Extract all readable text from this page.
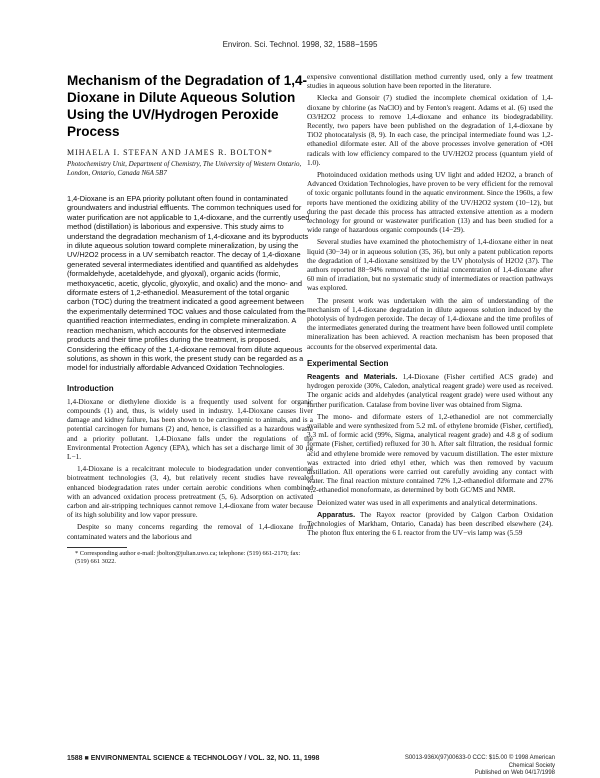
Environ. Sci. Technol. 1998, 32, 1588−1595
Mechanism of the Degradation of 1,4-Dioxane in Dilute Aqueous Solution Using the UV/Hydrogen Peroxide Process

MIHAELA I. STEFAN AND JAMES R. BOLTON*

Photochemistry Unit, Department of Chemistry, The University of Western Ontario, London, Ontario, Canada N6A 5B7

1,4-Dioxane is an EPA priority pollutant often found in contaminated groundwaters and industrial effluents. The common techniques used for water purification are not applicable to 1,4-dioxane, and the currently used method (distillation) is laborious and expensive. This study aims to understand the degradation mechanism of 1,4-dioxane and its byproducts in dilute aqueous solution toward complete mineralization, by using the UV/H2O2 process in a UV semibatch reactor. The decay of 1,4-dioxane generated several intermediates identified and quantified as aldehydes (formaldehyde, acetaldehyde, and glyoxal), organic acids (formic, methoxyacetic, acetic, glycolic, glyoxylic, and oxalic) and the mono- and diformate esters of 1,2-ethanediol. Measurement of the total organic carbon (TOC) during the treatment indicated a good agreement between the experimentally determined TOC values and those calculated from the quantified reaction intermediates, ending in complete mineralization. A reaction mechanism, which accounts for the observed intermediate products and their time profiles during the treatment, is proposed. Considering the efficacy of the 1,4-dioxane removal from dilute aqueous solutions, as shown in this work, the present study can be regarded as a model for industrially affordable Advanced Oxidation Technologies.

Introduction

1,4-Dioxane or diethylene dioxide is a frequently used solvent for organic compounds (1) and, thus, is widely used in industry. 1,4-Dioxane causes liver damage and kidney failure, has been shown to be carcinogenic to animals, and is a potential carcinogen for humans (2) and, hence, is classified as a hazardous waste and a priority pollutant. 1,4-Dioxane falls under the regulations of the Environmental Protection Agency (EPA), which has set a discharge limit of 30 μg L−1.

1,4-Dioxane is a recalcitrant molecule to biodegradation under conventional biotreatment technologies (3, 4), but relatively recent studies have revealed enhanced biodegradation rates under certain aerobic conditions when combined with an advanced oxidation process pretreatment (5, 6). Adsorption on activated carbon and air-stripping techniques cannot remove 1,4-dioxane from water because of its high solubility and low vapor pressure.

Despite so many concerns regarding the removal of 1,4-dioxane from contaminated waters and the laborious and

* Corresponding author e-mail: jbolton@julian.uwo.ca; telephone: (519) 661-2170; fax: (519) 661 3022.

expensive conventional distillation method currently used, only a few treatment studies in aqueous solution have been reported in the literature.

Klecka and Gonsoir (7) studied the incomplete chemical oxidation of 1,4-dioxane by chlorine (as NaClO) and by Fenton's reagent. Adams et al. (6) used the O3/H2O2 process to remove 1,4-dioxane and enhance its biodegradability. Recently, two papers have been published on the degradation of 1,4-dioxane by TiO2 photocatalysis (8, 9). In each case, the principal intermediate found was 1,2-ethanediol diformate ester. All of the above processes involve generation of •OH radicals with low efficiency compared to the UV/H2O2 process (quantum yield of 1.0).

Photoinduced oxidation methods using UV light and added H2O2, a branch of Advanced Oxidation Technologies, have proven to be very efficient for the removal of toxic organic pollutants found in the aquatic environment. Since the 1960s, a few reports have mentioned the oxidizing ability of the UV/H2O2 system (10−12), but during the past decade this process has attracted extensive attention as a modern technology for ground or wastewater purification (13) and has been studied for a wide range of hazardous organic compounds (14−29).

Several studies have examined the photochemistry of 1,4-dioxane either in neat liquid (30−34) or in aqueous solution (35, 36), but only a patent publication reports the degradation of 1,4-dioxane sensitized by the UV photolysis of H2O2 (37). The authors reported 88−94% removal of the initial concentration of 1,4-dioxane after 60 min of irradiation, but no systematic study of intermediates or reaction pathways was explored.

The present work was undertaken with the aim of understanding of the mechanism of 1,4-dioxane degradation in dilute aqueous solution induced by the photolysis of hydrogen peroxide. The decay of 1,4-dioxane and the time profiles of the intermediates generated during the treatment have been followed until complete mineralization has been achieved. A reaction mechanism has been proposed that accounts for the observed experimental data.

Experimental Section

Reagents and Materials. 1,4-Dioxane (Fisher certified ACS grade) and hydrogen peroxide (30%, Caledon, analytical reagent grade) were used as received. The organic acids and aldehydes (analytical reagent grade) were used without any further purification. Catalase from bovine liver was obtained from Sigma.

The mono- and diformate esters of 1,2-ethanediol are not commercially available and were synthesized from 5.2 mL of ethylene bromide (Fisher, certified), 3.3 mL of formic acid (99%, Sigma, analytical reagent grade) and 4.8 g of sodium formate (Fisher, certified) refluxed for 30 h. After salt filtration, the residual formic acid and ethylene bromide were removed by vacuum distillation. The ester mixture was extracted into dried ethyl ether, which was then removed by vacuum distillation. All operations were carried out carefully avoiding any contact with water. The final reaction mixture contained 72% 1,2-ethanediol diformate and 27% 1,2-ethanediol monoformate, as determined by both GC/MS and NMR.

Deionized water was used in all experiments and analytical determinations.

Apparatus. The Rayox reactor (provided by Calgon Carbon Oxidation Technologies of Markham, Ontario, Canada) has been described elsewhere (24). The photon flux entering the 6 L reactor from the UV−vis lamp was (5.59

1588 ■ ENVIRONMENTAL SCIENCE & TECHNOLOGY / VOL. 32, NO. 11, 1998	S0013-936X(97)00633-0 CCC: $15.00 © 1998 American Chemical Society
Published on Web 04/17/1998
